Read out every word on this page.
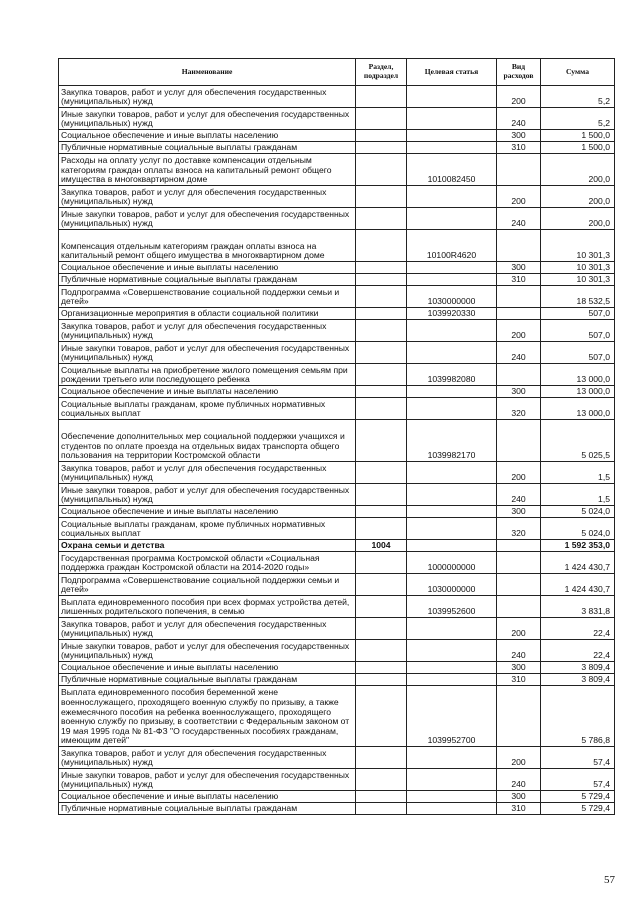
Наименование	Раздел, подраздел	Целевая статья	Вид расходов	Сумма
Закупка товаров, работ и услуг для обеспечения государственных (муниципальных) нужд			200	5,2
Иные закупки товаров, работ и услуг для обеспечения государственных (муниципальных) нужд			240	5,2
Социальное обеспечение и иные выплаты населению			300	1 500,0
Публичные нормативные социальные выплаты гражданам			310	1 500,0
Расходы на оплату услуг по доставке компенсации отдельным категориям граждан оплаты взноса на капитальный ремонт общего имущества в многоквартирном доме		1010082450		200,0
Закупка товаров, работ и услуг для обеспечения государственных (муниципальных) нужд			200	200,0
Иные закупки товаров, работ и услуг для обеспечения государственных (муниципальных) нужд			240	200,0
Компенсация отдельным категориям граждан оплаты взноса на капитальный ремонт общего имущества в многоквартирном доме		10100R4620		10 301,3
Социальное обеспечение и иные выплаты населению			300	10 301,3
Публичные нормативные социальные выплаты гражданам			310	10 301,3
Подпрограмма «Совершенствование социальной поддержки семьи и детей»		1030000000		18 532,5
Организационные мероприятия в области социальной политики		1039920330		507,0
Закупка товаров, работ и услуг для обеспечения государственных (муниципальных) нужд			200	507,0
Иные закупки товаров, работ и услуг для обеспечения государственных (муниципальных) нужд			240	507,0
Социальные выплаты на приобретение жилого помещения семьям при рождении третьего или последующего ребенка		1039982080		13 000,0
Социальное обеспечение и иные выплаты населению			300	13 000,0
Социальные выплаты гражданам, кроме публичных нормативных социальных выплат			320	13 000,0
Обеспечение дополнительных мер социальной поддержки учащихся и студентов по оплате проезда на отдельных видах транспорта общего пользования на территории Костромской области		1039982170		5 025,5
Закупка товаров, работ и услуг для обеспечения государственных (муниципальных) нужд			200	1,5
Иные закупки товаров, работ и услуг для обеспечения государственных (муниципальных) нужд			240	1,5
Социальное обеспечение и иные выплаты населению			300	5 024,0
Социальные выплаты гражданам, кроме публичных нормативных социальных выплат			320	5 024,0
Охрана семьи и детства	1004			1 592 353,0
Государственная программа Костромской области «Социальная поддержка граждан Костромской области на 2014-2020 годы»		1000000000		1 424 430,7
Подпрограмма «Совершенствование социальной поддержки семьи и детей»		1030000000		1 424 430,7
Выплата единовременного пособия при всех формах устройства детей, лишенных родительского попечения, в семью		1039952600		3 831,8
Закупка товаров, работ и услуг для обеспечения государственных (муниципальных) нужд			200	22,4
Иные закупки товаров, работ и услуг для обеспечения государственных (муниципальных) нужд			240	22,4
Социальное обеспечение и иные выплаты населению			300	3 809,4
Публичные нормативные социальные выплаты гражданам			310	3 809,4
Выплата единовременного пособия беременной жене военнослужащего, проходящего военную службу по призыву, а также ежемесячного пособия на ребенка военнослужащего, проходящего военную службу по призыву, в соответствии с Федеральным законом от 19 мая 1995 года № 81-ФЗ "О государственных пособиях гражданам, имеющим детей"		1039952700		5 786,8
Закупка товаров, работ и услуг для обеспечения государственных (муниципальных) нужд			200	57,4
Иные закупки товаров, работ и услуг для обеспечения государственных (муниципальных) нужд			240	57,4
Социальное обеспечение и иные выплаты населению			300	5 729,4
Публичные нормативные социальные выплаты гражданам			310	5 729,4
57
